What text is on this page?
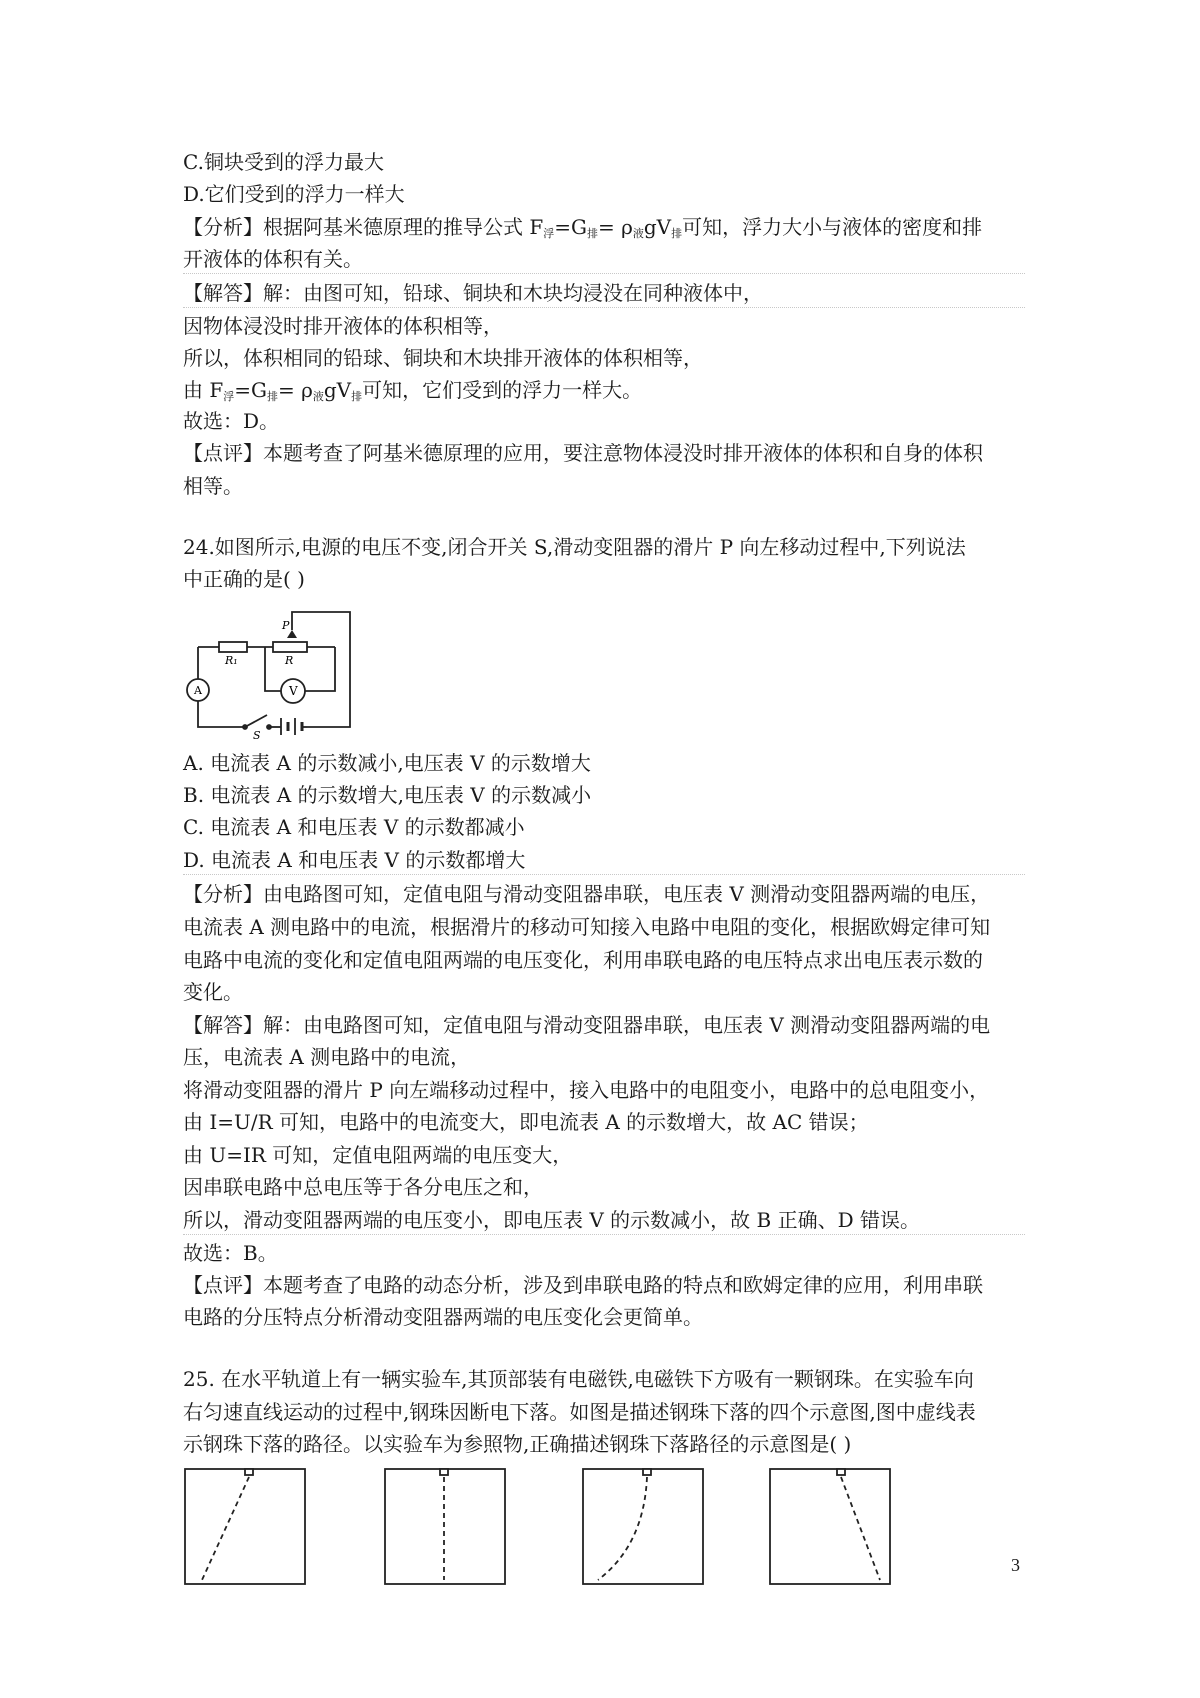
C.铜块受到的浮力最大
D.它们受到的浮力一样大
【分析】根据阿基米德原理的推导公式 $F_浮=G_排= \rho_液gV_排$可知，浮力大小与液体的密度和排
开液体的体积有关。
【解答】解：由图可知，铅球、铜块和木块均浸没在同种液体中，
因物体浸没时排开液体的体积相等，
所以，体积相同的铅球、铜块和木块排开液体的体积相等，
由 $F_浮=G_排= \rho_液gV_排$可知，它们受到的浮力一样大。
故选：D。
【点评】本题考查了阿基米德原理的应用，要注意物体浸没时排开液体的体积和自身的体积
相等。
24.如图所示,电源的电压不变,闭合开关 S,滑动变阻器的滑片 P 向左移动过程中,下列说法
中正确的是( )
P
R₁	R
A	V
S
A. 电流表 A 的示数减小,电压表 V 的示数增大
B. 电流表 A 的示数增大,电压表 V 的示数减小
C. 电流表 A 和电压表 V 的示数都减小
D. 电流表 A 和电压表 V 的示数都增大
【分析】由电路图可知，定值电阻与滑动变阻器串联，电压表 V 测滑动变阻器两端的电压，
电流表 A 测电路中的电流，根据滑片的移动可知接入电路中电阻的变化，根据欧姆定律可知
电路中电流的变化和定值电阻两端的电压变化，利用串联电路的电压特点求出电压表示数的
变化。
【解答】解：由电路图可知，定值电阻与滑动变阻器串联，电压表 V 测滑动变阻器两端的电
压，电流表 A 测电路中的电流，
将滑动变阻器的滑片 P 向左端移动过程中，接入电路中的电阻变小，电路中的总电阻变小，
由 I=U/R 可知，电路中的电流变大，即电流表 A 的示数增大，故 AC 错误；
由 U=IR 可知，定值电阻两端的电压变大，
因串联电路中总电压等于各分电压之和，
所以，滑动变阻器两端的电压变小，即电压表 V 的示数减小，故 B 正确、D 错误。
故选：B。
【点评】本题考查了电路的动态分析，涉及到串联电路的特点和欧姆定律的应用，利用串联
电路的分压特点分析滑动变阻器两端的电压变化会更简单。
25. 在水平轨道上有一辆实验车,其顶部装有电磁铁,电磁铁下方吸有一颗钢珠。在实验车向
右匀速直线运动的过程中,钢珠因断电下落。如图是描述钢珠下落的四个示意图,图中虚线表
示钢珠下落的路径。以实验车为参照物,正确描述钢珠下落路径的示意图是( )
3
